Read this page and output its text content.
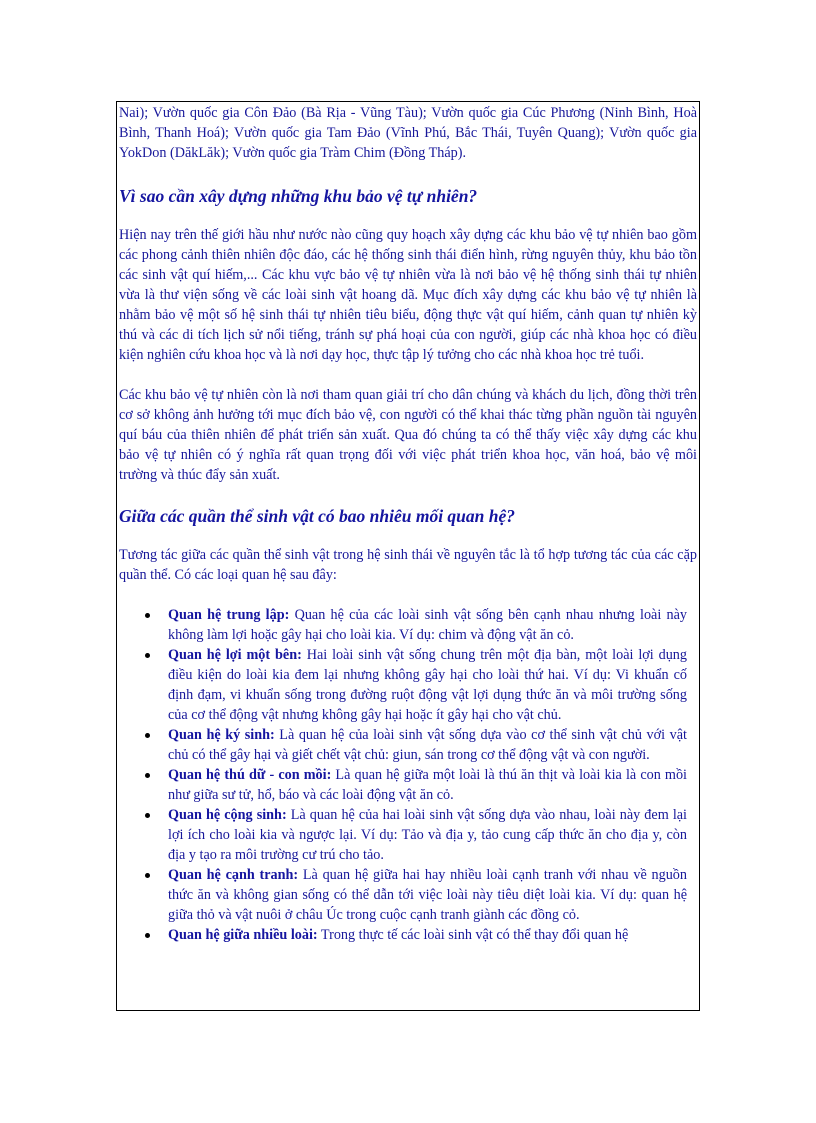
Nai); Vườn quốc gia Côn Đảo (Bà Rịa - Vũng Tàu); Vườn quốc gia Cúc Phương (Ninh Bình, Hoà Bình, Thanh Hoá); Vườn quốc gia Tam Đảo (Vĩnh Phú, Bắc Thái, Tuyên Quang); Vườn quốc gia YokDon (DăkLăk); Vườn quốc gia Tràm Chim (Đồng Tháp).

Vì sao cần xây dựng những khu bảo vệ tự nhiên?

Hiện nay trên thế giới hầu như nước nào cũng quy hoạch xây dựng các khu bảo vệ tự nhiên bao gồm các phong cảnh thiên nhiên độc đáo, các hệ thống sinh thái điển hình, rừng nguyên thủy, khu bảo tồn các sinh vật quí hiếm,... Các khu vực bảo vệ tự nhiên vừa là nơi bảo vệ hệ thống sinh thái tự nhiên vừa là thư viện sống về các loài sinh vật hoang dã. Mục đích xây dựng các khu bảo vệ tự nhiên là nhằm bảo vệ một số hệ sinh thái tự nhiên tiêu biểu, động thực vật quí hiếm, cảnh quan tự nhiên kỳ thú và các di tích lịch sử nổi tiếng, tránh sự phá hoại của con người, giúp các nhà khoa học có điều kiện nghiên cứu khoa học và là nơi dạy học, thực tập lý tưởng cho các nhà khoa học trẻ tuổi.

Các khu bảo vệ tự nhiên còn là nơi tham quan giải trí cho dân chúng và khách du lịch, đồng thời trên cơ sở không ảnh hưởng tới mục đích bảo vệ, con người có thể khai thác từng phần nguồn tài nguyên quí báu của thiên nhiên để phát triển sản xuất. Qua đó chúng ta có thể thấy việc xây dựng các khu bảo vệ tự nhiên có ý nghĩa rất quan trọng đối với việc phát triển khoa học, văn hoá, bảo vệ môi trường và thúc đẩy sản xuất.

Giữa các quần thể sinh vật có bao nhiêu mối quan hệ?

Tương tác giữa các quần thể sinh vật trong hệ sinh thái về nguyên tắc là tổ hợp tương tác của các cặp quần thể. Có các loại quan hệ sau đây:

Quan hệ trung lập: Quan hệ của các loài sinh vật sống bên cạnh nhau nhưng loài này không làm lợi hoặc gây hại cho loài kia. Ví dụ: chim và động vật ăn cỏ.
Quan hệ lợi một bên: Hai loài sinh vật sống chung trên một địa bàn, một loài lợi dụng điều kiện do loài kia đem lại nhưng không gây hại cho loài thứ hai. Ví dụ: Vi khuẩn cố định đạm, vi khuẩn sống trong đường ruột động vật lợi dụng thức ăn và môi trường sống của cơ thể động vật nhưng không gây hại hoặc ít gây hại cho vật chủ.
Quan hệ ký sinh: Là quan hệ của loài sinh vật sống dựa vào cơ thể sinh vật chủ với vật chủ có thể gây hại và giết chết vật chủ: giun, sán trong cơ thể động vật và con người.
Quan hệ thú dữ - con mồi: Là quan hệ giữa một loài là thú ăn thịt và loài kia là con mồi như giữa sư tử, hổ, báo và các loài động vật ăn cỏ.
Quan hệ cộng sinh: Là quan hệ của hai loài sinh vật sống dựa vào nhau, loài này đem lại lợi ích cho loài kia và ngược lại. Ví dụ: Tảo và địa y, tảo cung cấp thức ăn cho địa y, còn địa y tạo ra môi trường cư trú cho tảo.
Quan hệ cạnh tranh: Là quan hệ giữa hai hay nhiều loài cạnh tranh với nhau về nguồn thức ăn và không gian sống có thể dẫn tới việc loài này tiêu diệt loài kia. Ví dụ: quan hệ giữa thỏ và vật nuôi ở châu Úc trong cuộc cạnh tranh giành các đồng cỏ.
Quan hệ giữa nhiều loài: Trong thực tế các loài sinh vật có thể thay đổi quan hệ
